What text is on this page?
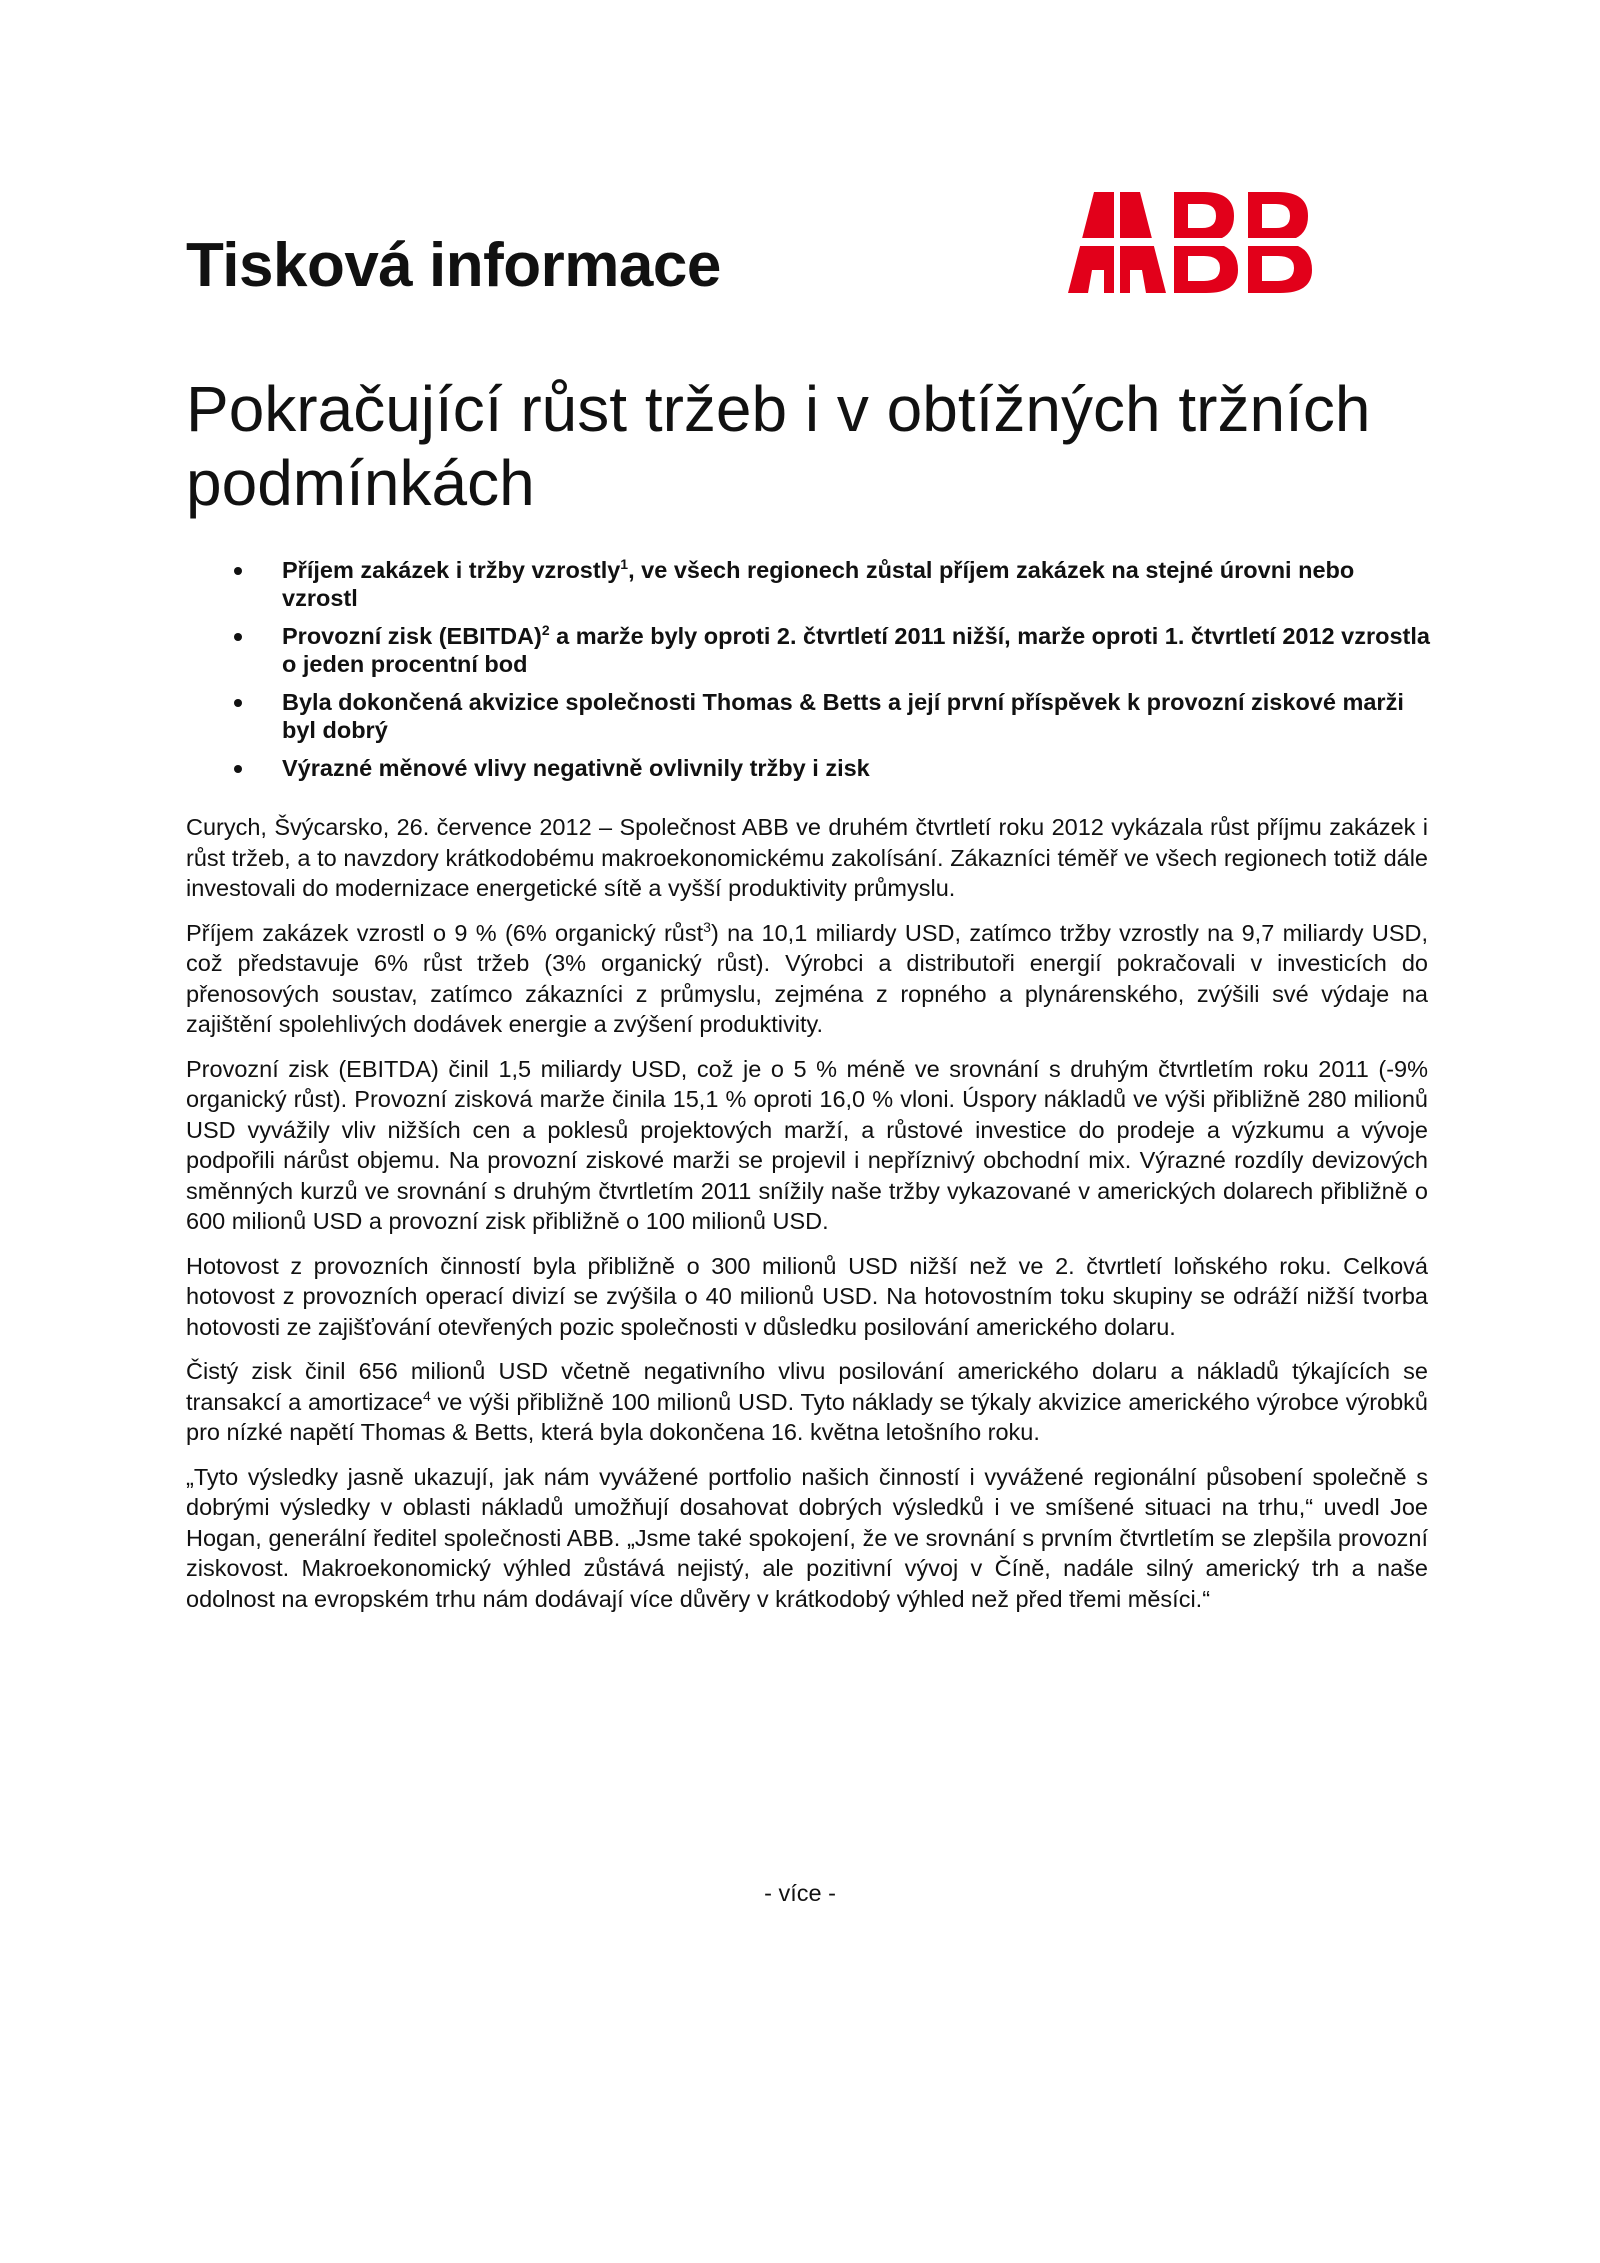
Tisková informace
Pokračující růst tržeb i v obtížných tržních podmínkách
Příjem zakázek i tržby vzrostly$^1$, ve všech regionech zůstal příjem zakázek na stejné úrovni nebo vzrostl
Provozní zisk (EBITDA)$^2$ a marže byly oproti 2. čtvrtletí 2011 nižší, marže oproti 1. čtvrtletí 2012 vzrostla o jeden procentní bod
Byla dokončená akvizice společnosti Thomas & Betts a její první příspěvek k provozní ziskové marži byl dobrý
Výrazné měnové vlivy negativně ovlivnily tržby i zisk

Curych, Švýcarsko, 26. července 2012 – Společnost ABB ve druhém čtvrtletí roku 2012 vykázala růst příjmu zakázek i růst tržeb, a to navzdory krátkodobému makroekonomickému zakolísání. Zákazníci téměř ve všech regionech totiž dále investovali do modernizace energetické sítě a vyšší produktivity průmyslu.

Příjem zakázek vzrostl o 9 % (6% organický růst$^3$) na 10,1 miliardy USD, zatímco tržby vzrostly na 9,7 miliardy USD, což představuje 6% růst tržeb (3% organický růst). Výrobci a distributoři energií pokračovali v investicích do přenosových soustav, zatímco zákazníci z průmyslu, zejména z ropného a plynárenského, zvýšili své výdaje na zajištění spolehlivých dodávek energie a zvýšení produktivity.

Provozní zisk (EBITDA) činil 1,5 miliardy USD, což je o 5 % méně ve srovnání s druhým čtvrtletím roku 2011 (-9% organický růst). Provozní zisková marže činila 15,1 % oproti 16,0 % vloni. Úspory nákladů ve výši přibližně 280 milionů USD vyvážily vliv nižších cen a poklesů projektových marží, a růstové investice do prodeje a výzkumu a vývoje podpořili nárůst objemu. Na provozní ziskové marži se projevil i nepříznivý obchodní mix. Výrazné rozdíly devizových směnných kurzů ve srovnání s druhým čtvrtletím 2011 snížily naše tržby vykazované v amerických dolarech přibližně o 600 milionů USD a provozní zisk přibližně o 100 milionů USD.

Hotovost z provozních činností byla přibližně o 300 milionů USD nižší než ve 2. čtvrtletí loňského roku. Celková hotovost z provozních operací divizí se zvýšila o 40 milionů USD. Na hotovostním toku skupiny se odráží nižší tvorba hotovosti ze zajišťování otevřených pozic společnosti v důsledku posilování amerického dolaru.

Čistý zisk činil 656 milionů USD včetně negativního vlivu posilování amerického dolaru a nákladů týkajících se transakcí a amortizace$^4$ ve výši přibližně 100 milionů USD. Tyto náklady se týkaly akvizice amerického výrobce výrobků pro nízké napětí Thomas & Betts, která byla dokončena 16. května letošního roku.

„Tyto výsledky jasně ukazují, jak nám vyvážené portfolio našich činností i vyvážené regionální působení společně s dobrými výsledky v oblasti nákladů umožňují dosahovat dobrých výsledků i ve smíšené situaci na trhu,“ uvedl Joe Hogan, generální ředitel společnosti ABB. „Jsme také spokojení, že ve srovnání s prvním čtvrtletím se zlepšila provozní ziskovost. Makroekonomický výhled zůstává nejistý, ale pozitivní vývoj v Číně, nadále silný americký trh a naše odolnost na evropském trhu nám dodávají více důvěry v krátkodobý výhled než před třemi měsíci.“

- více -
